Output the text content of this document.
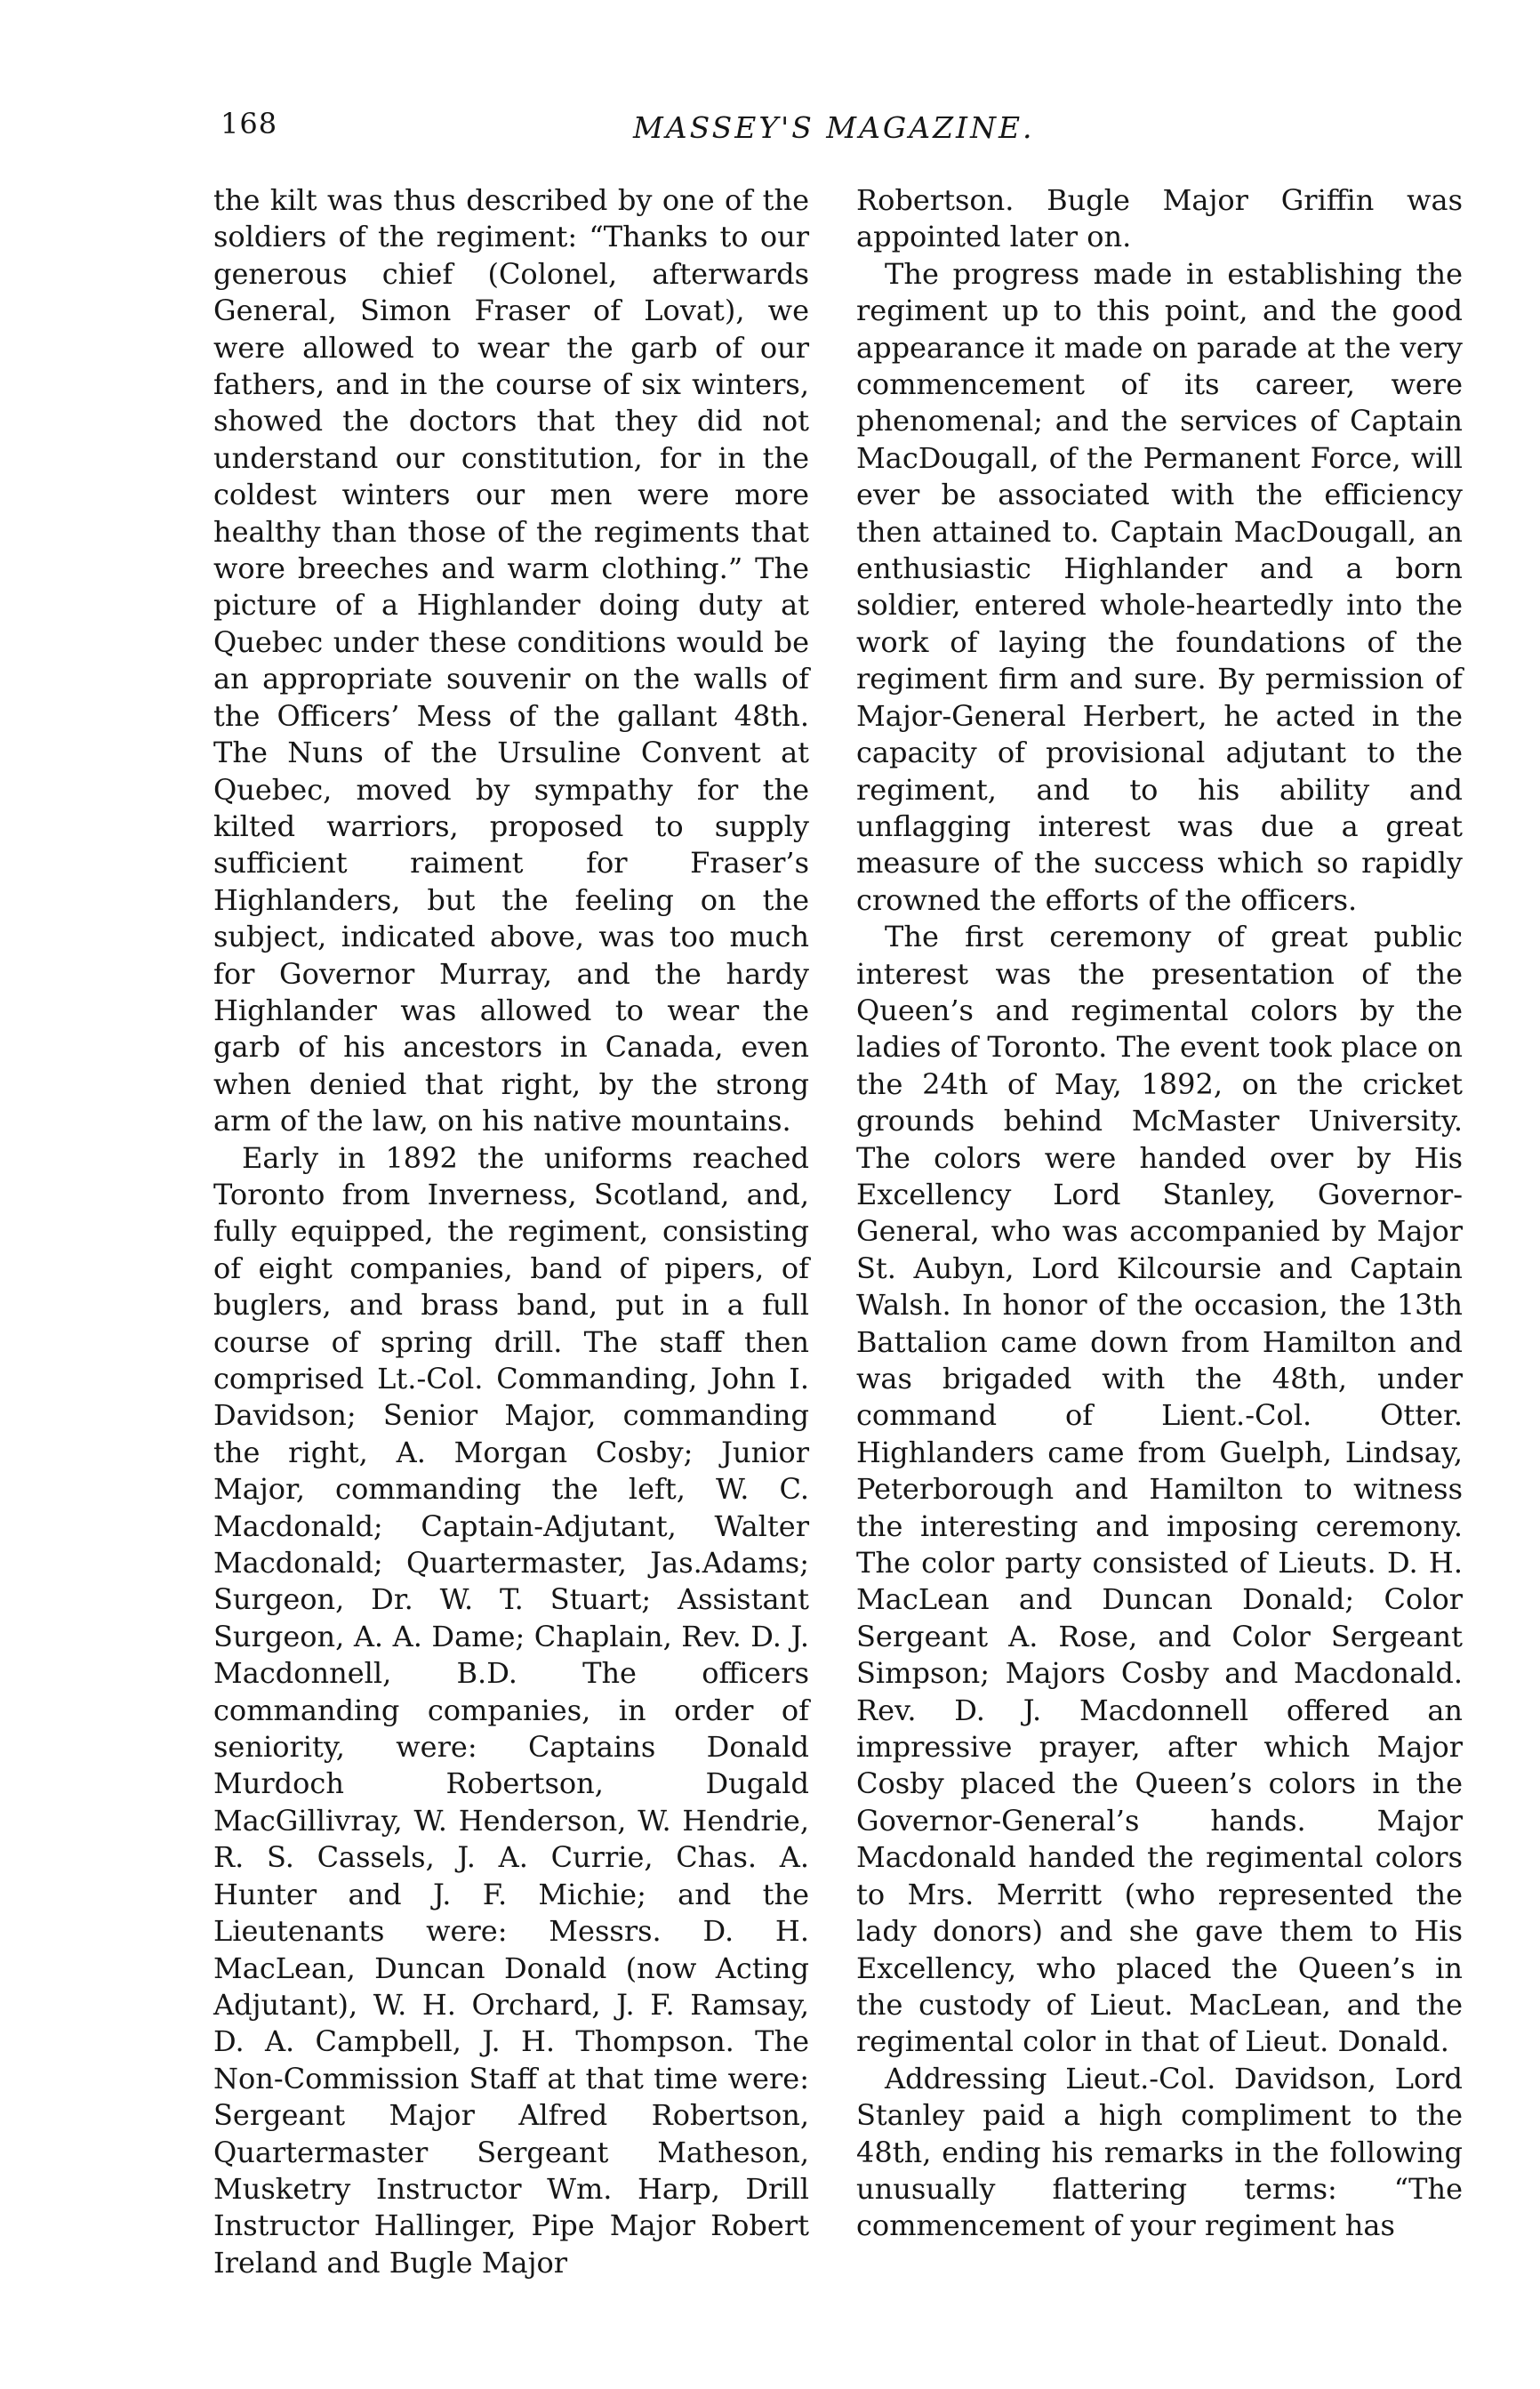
168	MASSEY'S MAGAZINE.

the kilt was thus described by one of the soldiers of the regiment: “Thanks to our generous chief (Colonel, afterwards General, Simon Fraser of Lovat), we were allowed to wear the garb of our fathers, and in the course of six winters, showed the doctors that they did not understand our constitution, for in the coldest winters our men were more healthy than those of the regiments that wore breeches and warm clothing.” The picture of a Highlander doing duty at Quebec under these conditions would be an appropriate souvenir on the walls of the Officers’ Mess of the gallant 48th. The Nuns of the Ursuline Convent at Quebec, moved by sympathy for the kilted warriors, proposed to supply sufficient raiment for Fraser’s Highlanders, but the feeling on the subject, indicated above, was too much for Governor Murray, and the hardy Highlander was allowed to wear the garb of his ancestors in Canada, even when denied that right, by the strong arm of the law, on his native mountains.

Early in 1892 the uniforms reached Toronto from Inverness, Scotland, and, fully equipped, the regiment, consisting of eight companies, band of pipers, of buglers, and brass band, put in a full course of spring drill. The staff then comprised Lt.-Col. Commanding, John I. Davidson; Senior Major, commanding the right, A. Morgan Cosby; Junior Major, commanding the left, W. C. Macdonald; Captain-Adjutant, Walter Macdonald; Quartermaster, Jas.Adams; Surgeon, Dr. W. T. Stuart; Assistant Surgeon, A. A. Dame; Chaplain, Rev. D. J. Macdonnell, B.D. The officers commanding companies, in order of seniority, were: Captains Donald Murdoch Robertson, Dugald MacGillivray, W. Henderson, W. Hendrie, R. S. Cassels, J. A. Currie, Chas. A. Hunter and J. F. Michie; and the Lieutenants were: Messrs. D. H. MacLean, Duncan Donald (now Acting Adjutant), W. H. Orchard, J. F. Ramsay, D. A. Campbell, J. H. Thompson. The Non-Commission Staff at that time were: Sergeant Major Alfred Robertson, Quartermaster Sergeant Matheson, Musketry Instructor Wm. Harp, Drill Instructor Hallinger, Pipe Major Robert Ireland and Bugle Major

Robertson. Bugle Major Griffin was appointed later on.

The progress made in establishing the regiment up to this point, and the good appearance it made on parade at the very commencement of its career, were phenomenal; and the services of Captain MacDougall, of the Permanent Force, will ever be associated with the efficiency then attained to. Captain MacDougall, an enthusiastic Highlander and a born soldier, entered whole-heartedly into the work of laying the foundations of the regiment firm and sure. By permission of Major-General Herbert, he acted in the capacity of provisional adjutant to the regiment, and to his ability and unflagging interest was due a great measure of the success which so rapidly crowned the efforts of the officers.

The first ceremony of great public interest was the presentation of the Queen’s and regimental colors by the ladies of Toronto. The event took place on the 24th of May, 1892, on the cricket grounds behind McMaster University. The colors were handed over by His Excellency Lord Stanley, Governor-General, who was accompanied by Major St. Aubyn, Lord Kilcoursie and Captain Walsh. In honor of the occasion, the 13th Battalion came down from Hamilton and was brigaded with the 48th, under command of Lient.-Col. Otter. Highlanders came from Guelph, Lindsay, Peterborough and Hamilton to witness the interesting and imposing ceremony. The color party consisted of Lieuts. D. H. MacLean and Duncan Donald; Color Sergeant A. Rose, and Color Sergeant Simpson; Majors Cosby and Macdonald. Rev. D. J. Macdonnell offered an impressive prayer, after which Major Cosby placed the Queen’s colors in the Governor-General’s hands. Major Macdonald handed the regimental colors to Mrs. Merritt (who represented the lady donors) and she gave them to His Excellency, who placed the Queen’s in the custody of Lieut. MacLean, and the regimental color in that of Lieut. Donald.

Addressing Lieut.-Col. Davidson, Lord Stanley paid a high compliment to the 48th, ending his remarks in the following unusually flattering terms: “The commencement of your regiment has
